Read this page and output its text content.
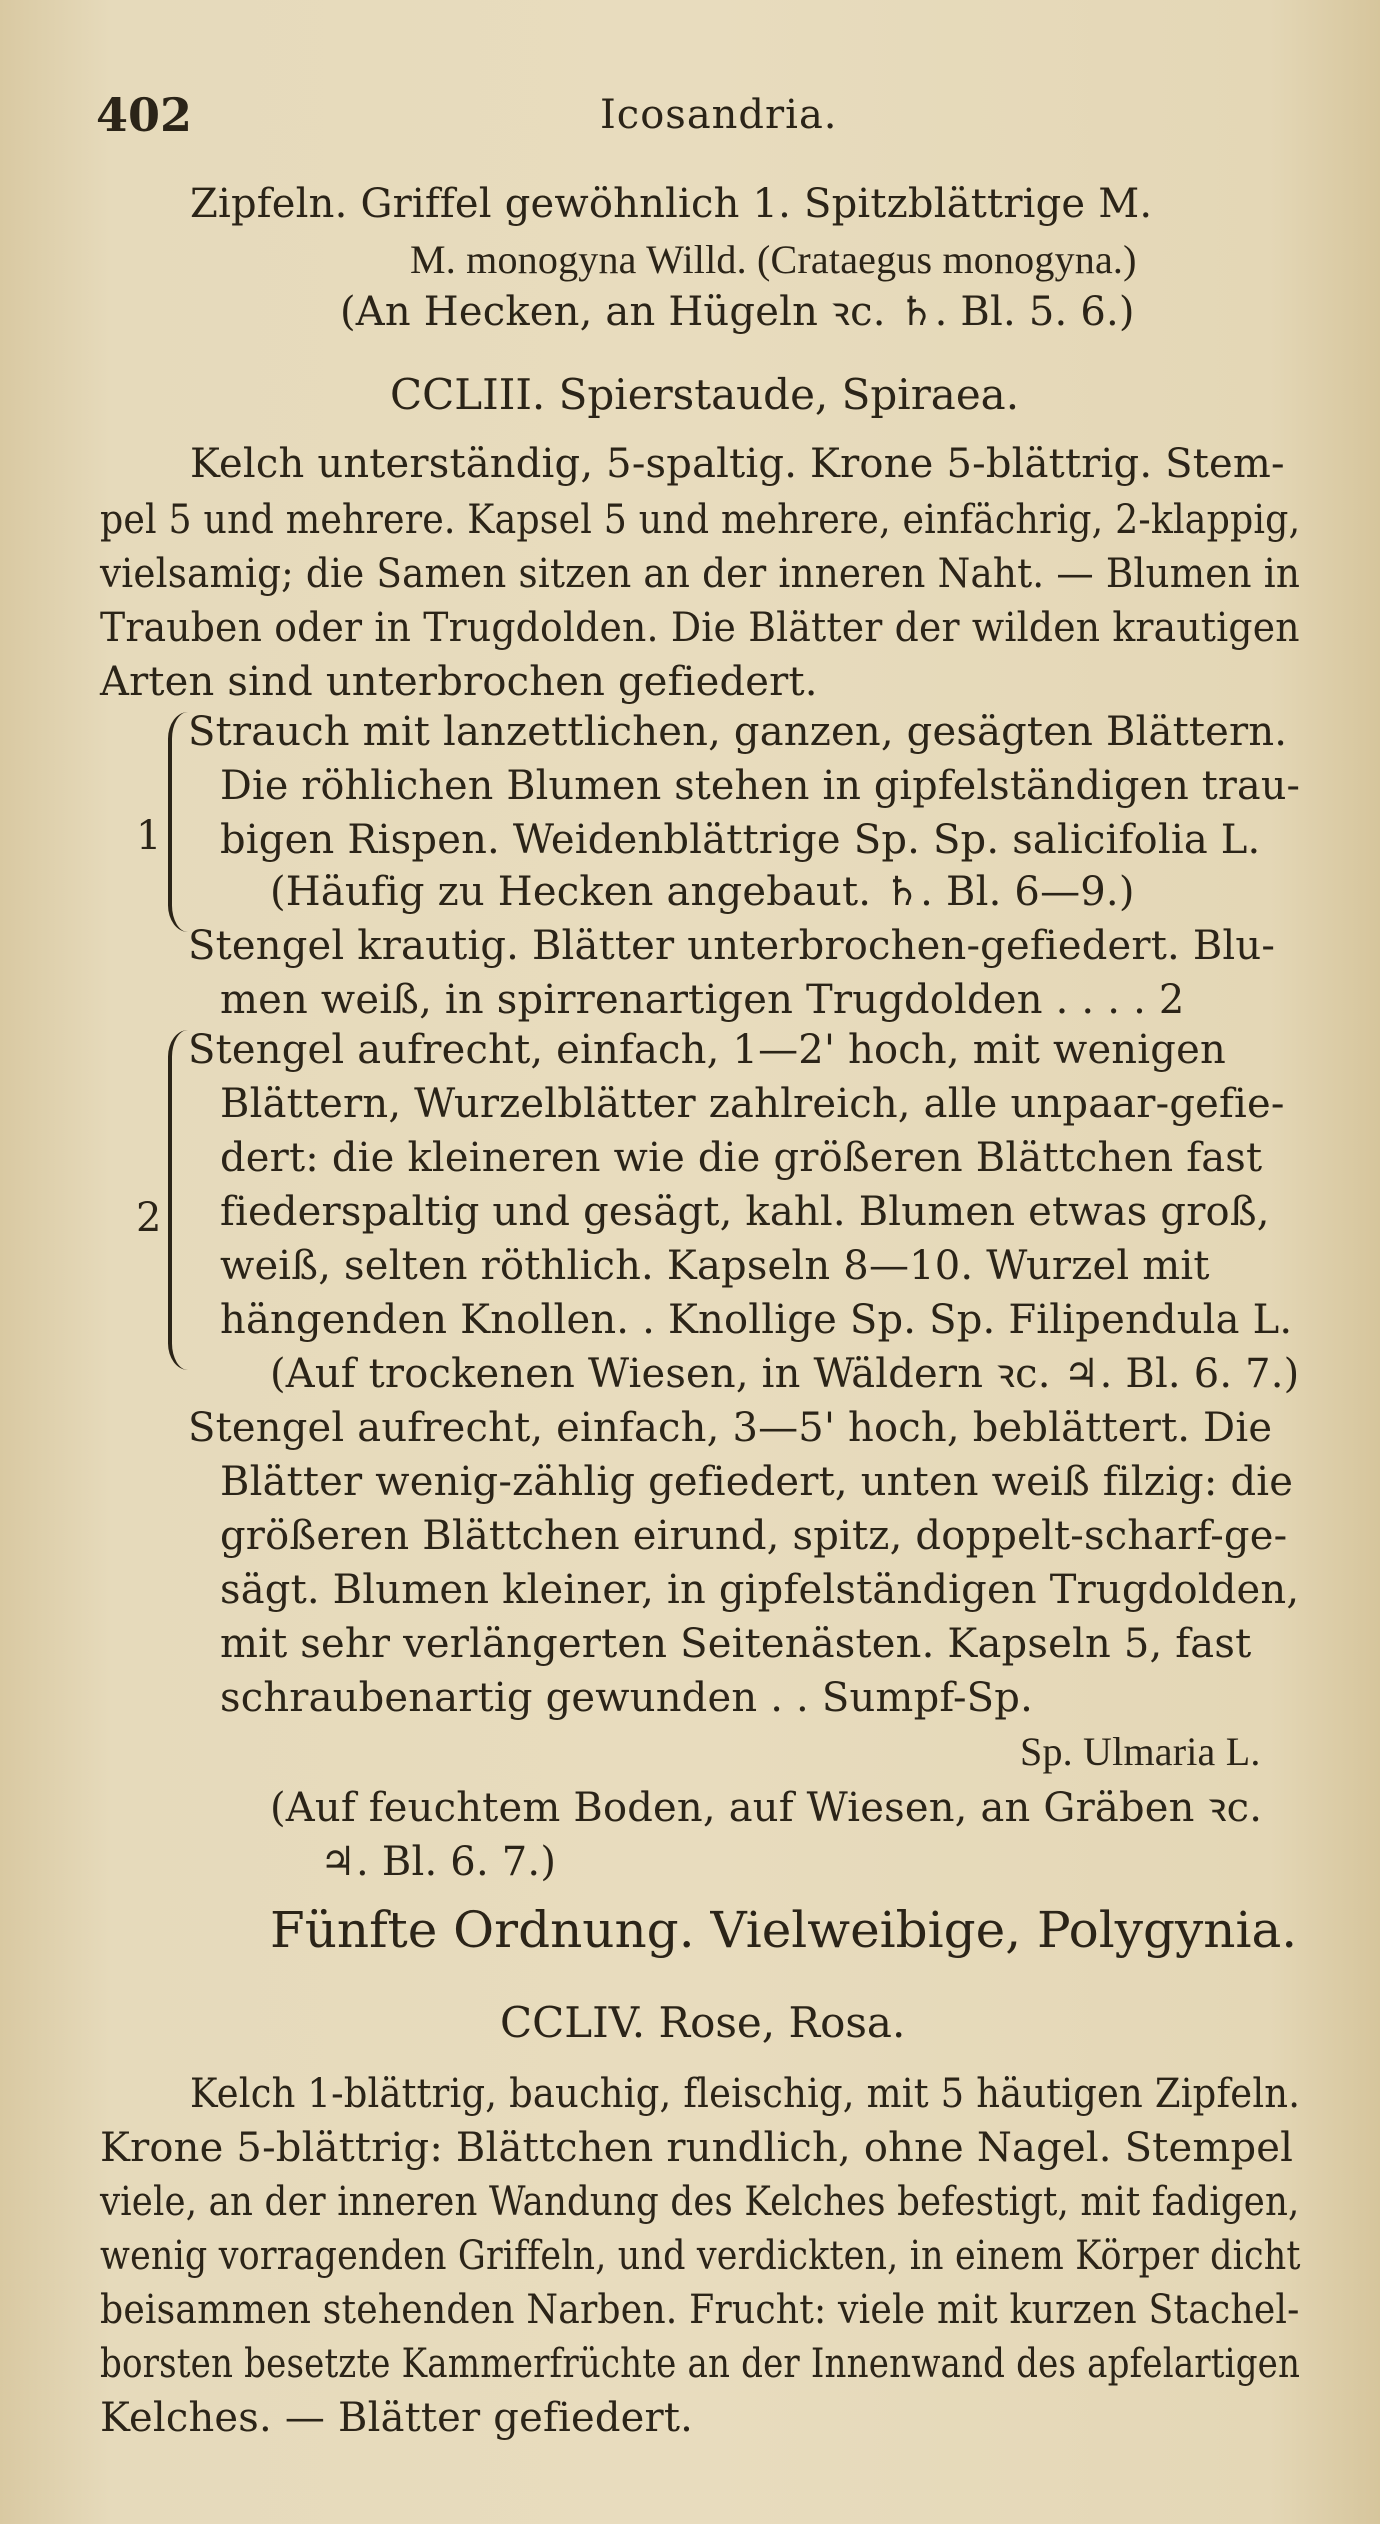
402	Icosandria.
Zipfeln. Griffel gewöhnlich 1. Spitzblättrige M.
M. monogyna Willd. (Crataegus monogyna.)
(An Hecken, an Hügeln ꝛc. ♄. Bl. 5. 6.)
CCLIII. Spierstaude, Spiraea.
Kelch unterständig, 5-spaltig. Krone 5-blättrig. Stem-
pel 5 und mehrere. Kapsel 5 und mehrere, einfächrig, 2-klappig,
vielsamig; die Samen sitzen an der inneren Naht. — Blumen in
Trauben oder in Trugdolden. Die Blätter der wilden krautigen
Arten sind unterbrochen gefiedert.
1
Strauch mit lanzettlichen, ganzen, gesägten Blättern.
Die röhlichen Blumen stehen in gipfelständigen trau-
bigen Rispen. Weidenblättrige Sp. Sp. salicifolia L.
(Häufig zu Hecken angebaut. ♄. Bl. 6—9.)
Stengel krautig. Blätter unterbrochen-gefiedert. Blu-
men weiß, in spirrenartigen Trugdolden . . . . 2
2
Stengel aufrecht, einfach, 1—2' hoch, mit wenigen
Blättern, Wurzelblätter zahlreich, alle unpaar-gefie-
dert: die kleineren wie die größeren Blättchen fast
fiederspaltig und gesägt, kahl. Blumen etwas groß,
weiß, selten röthlich. Kapseln 8—10. Wurzel mit
hängenden Knollen. . Knollige Sp. Sp. Filipendula L.
(Auf trockenen Wiesen, in Wäldern ꝛc. ♃. Bl. 6. 7.)
Stengel aufrecht, einfach, 3—5' hoch, beblättert. Die
Blätter wenig-zählig gefiedert, unten weiß filzig: die
größeren Blättchen eirund, spitz, doppelt-scharf-ge-
sägt. Blumen kleiner, in gipfelständigen Trugdolden,
mit sehr verlängerten Seitenästen. Kapseln 5, fast
schraubenartig gewunden . . Sumpf-Sp.
Sp. Ulmaria L.
(Auf feuchtem Boden, auf Wiesen, an Gräben ꝛc.
♃. Bl. 6. 7.)
Fünfte Ordnung. Vielweibige, Polygynia.
CCLIV. Rose, Rosa.
Kelch 1-blättrig, bauchig, fleischig, mit 5 häutigen Zipfeln.
Krone 5-blättrig: Blättchen rundlich, ohne Nagel. Stempel
viele, an der inneren Wandung des Kelches befestigt, mit fadigen,
wenig vorragenden Griffeln, und verdickten, in einem Körper dicht
beisammen stehenden Narben. Frucht: viele mit kurzen Stachel-
borsten besetzte Kammerfrüchte an der Innenwand des apfelartigen
Kelches. — Blätter gefiedert.
